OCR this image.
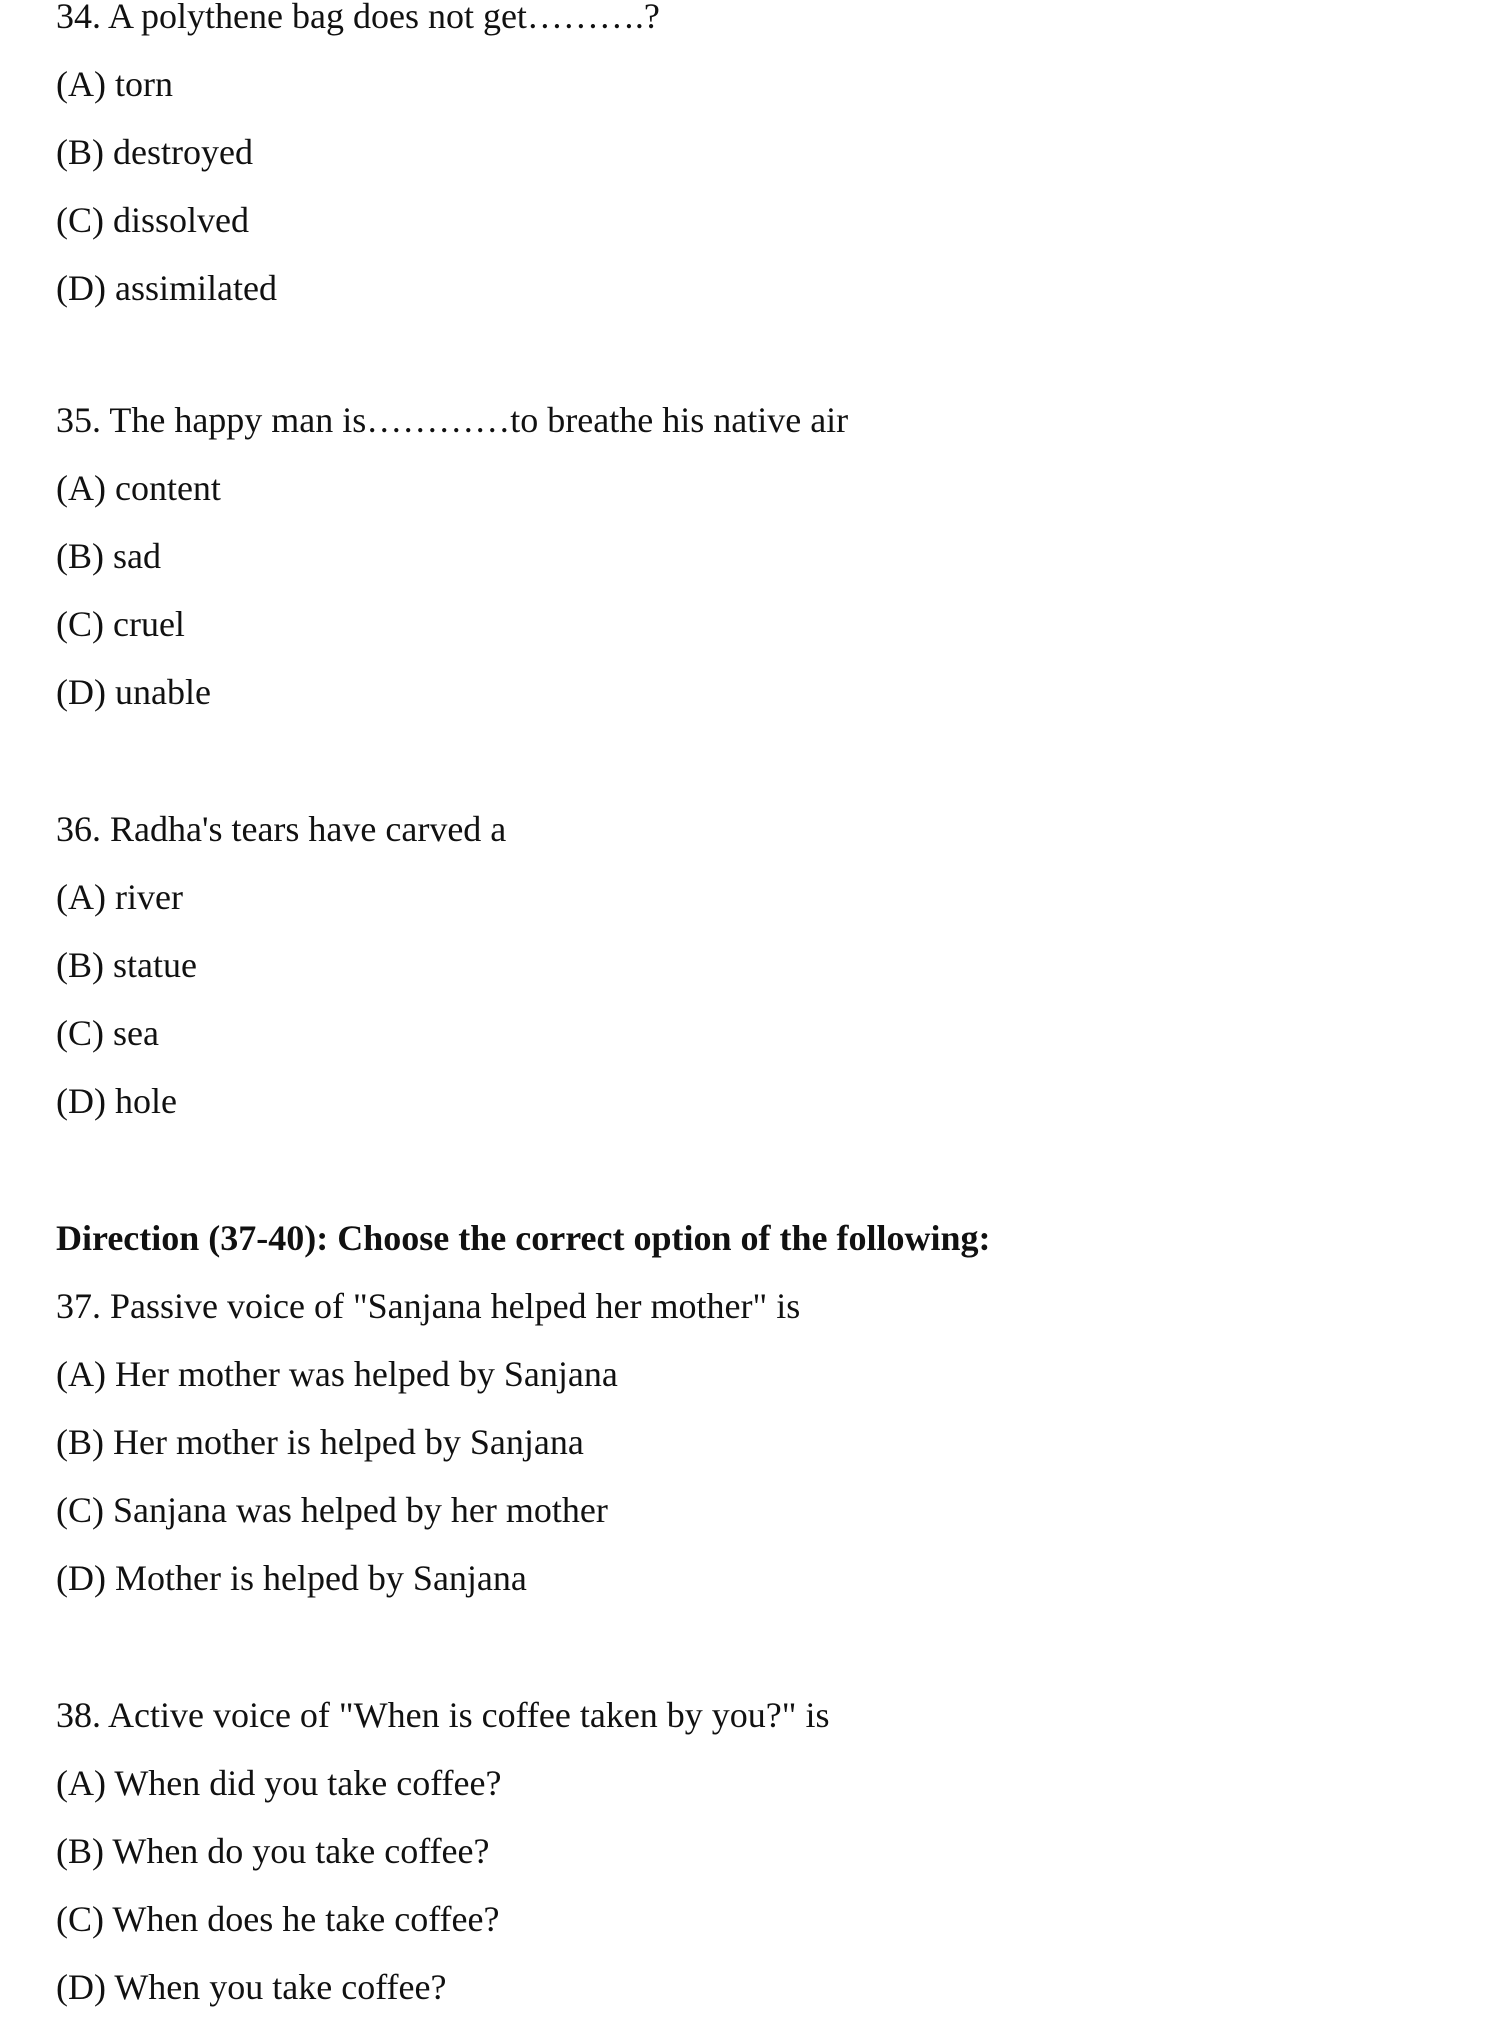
34. A polythene bag does not get……….?
(A) torn
(B) destroyed
(C) dissolved
(D) assimilated
35. The happy man is…………to breathe his native air
(A) content
(B) sad
(C) cruel
(D) unable
36. Radha's tears have carved a
(A) river
(B) statue
(C) sea
(D) hole
Direction (37-40): Choose the correct option of the following:
37. Passive voice of "Sanjana helped her mother" is
(A) Her mother was helped by Sanjana
(B) Her mother is helped by Sanjana
(C) Sanjana was helped by her mother
(D) Mother is helped by Sanjana
38. Active voice of "When is coffee taken by you?" is
(A) When did you take coffee?
(B) When do you take coffee?
(C) When does he take coffee?
(D) When you take coffee?
